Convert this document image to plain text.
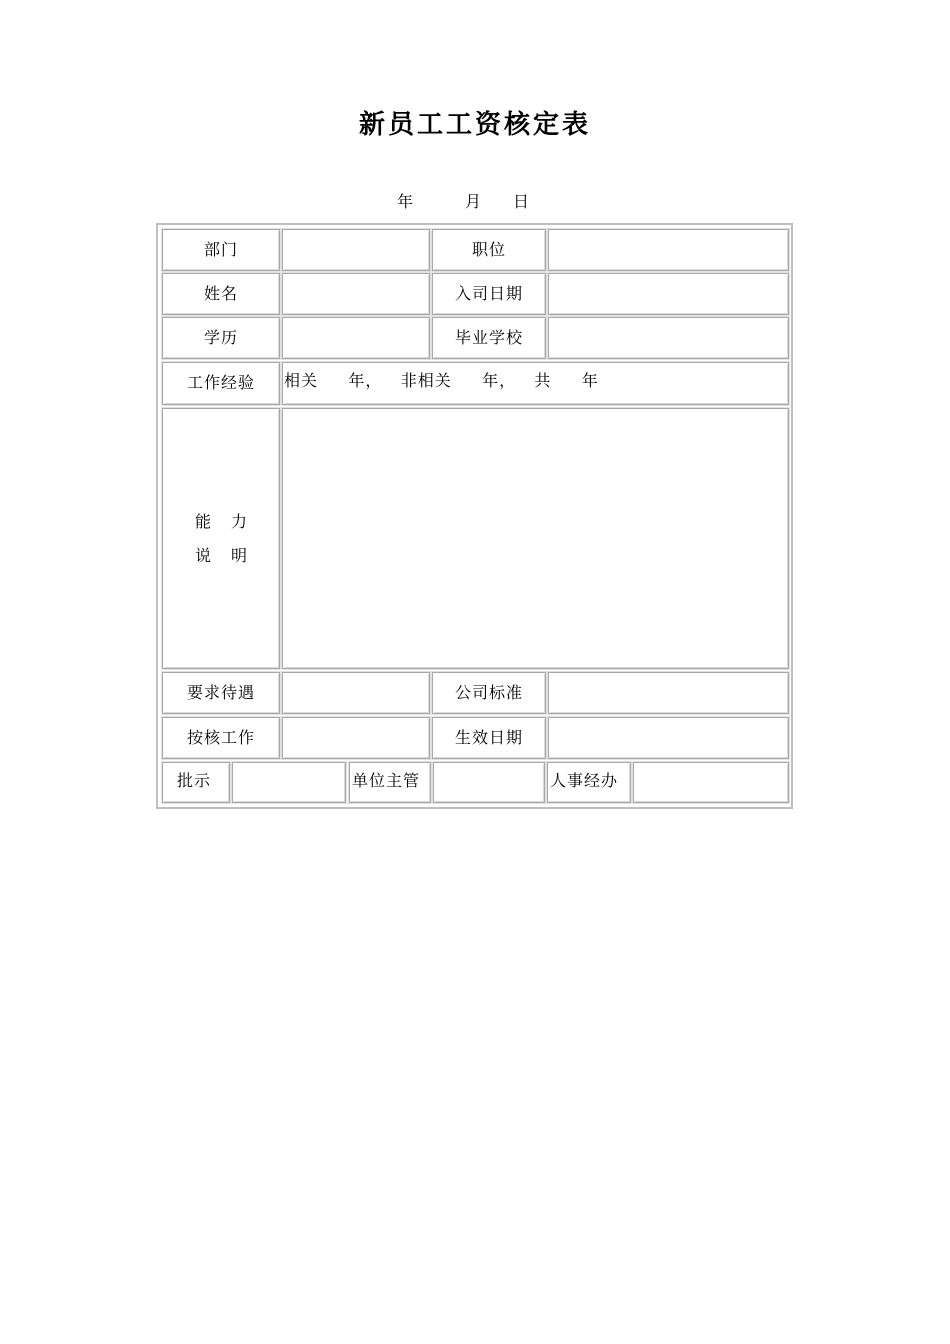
新员工工资核定表
年	月 日
部门	职位
姓名	入司日期
学历	毕业学校
工作经验	相关     年，   非相关     年，   共     年
能力
说明
要求待遇	公司标准
按核工作	生效日期
批示	单位主管	人事经办
